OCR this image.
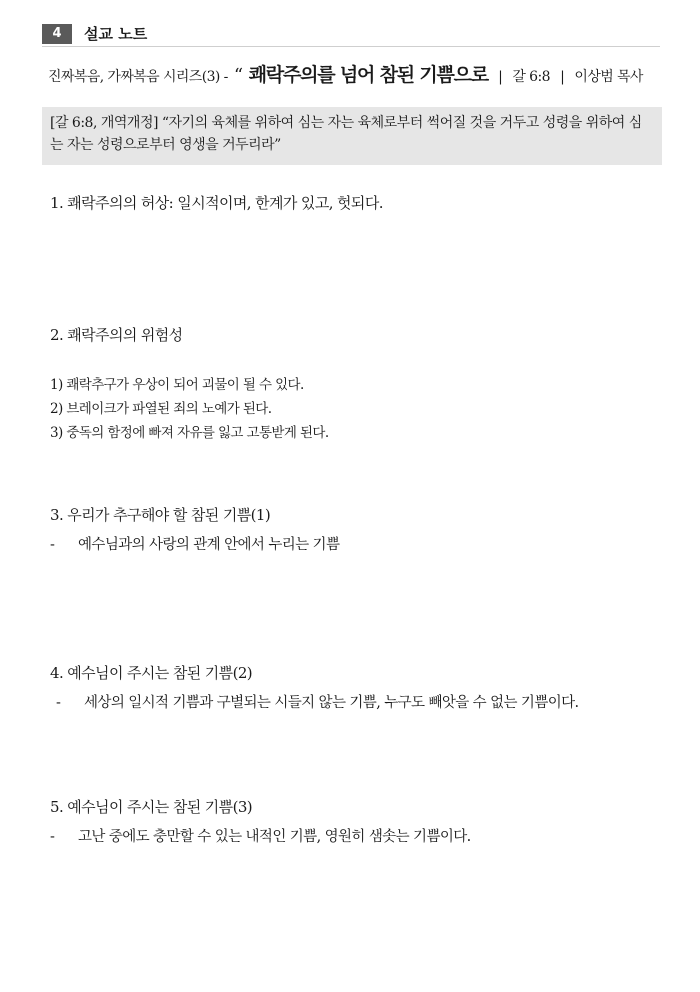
4	설교 노트
진짜복음, 가짜복음 시리즈(3) - “ 쾌락주의를 넘어 참된 기쁨으로 | 갈 6:8 | 이상범 목사
[갈 6:8, 개역개정] “자기의 육체를 위하여 심는 자는 육체로부터 썩어질 것을 거두고 성령을 위하여 심는 자는 성령으로부터 영생을 거두리라”
1. 쾌락주의의 허상: 일시적이며, 한계가 있고, 헛되다.
2. 쾌락주의의 위험성
1) 쾌락추구가 우상이 되어 괴물이 될 수 있다.
2) 브레이크가 파열된 죄의 노예가 된다.
3) 중독의 함정에 빠져 자유를 잃고 고통받게 된다.
3. 우리가 추구해야 할 참된 기쁨(1)
- 예수님과의 사랑의 관계 안에서 누리는 기쁨
4. 예수님이 주시는 참된 기쁨(2)
- 세상의 일시적 기쁨과 구별되는 시들지 않는 기쁨, 누구도 빼앗을 수 없는 기쁨이다.
5. 예수님이 주시는 참된 기쁨(3)
- 고난 중에도 충만할 수 있는 내적인 기쁨, 영원히 샘솟는 기쁨이다.
